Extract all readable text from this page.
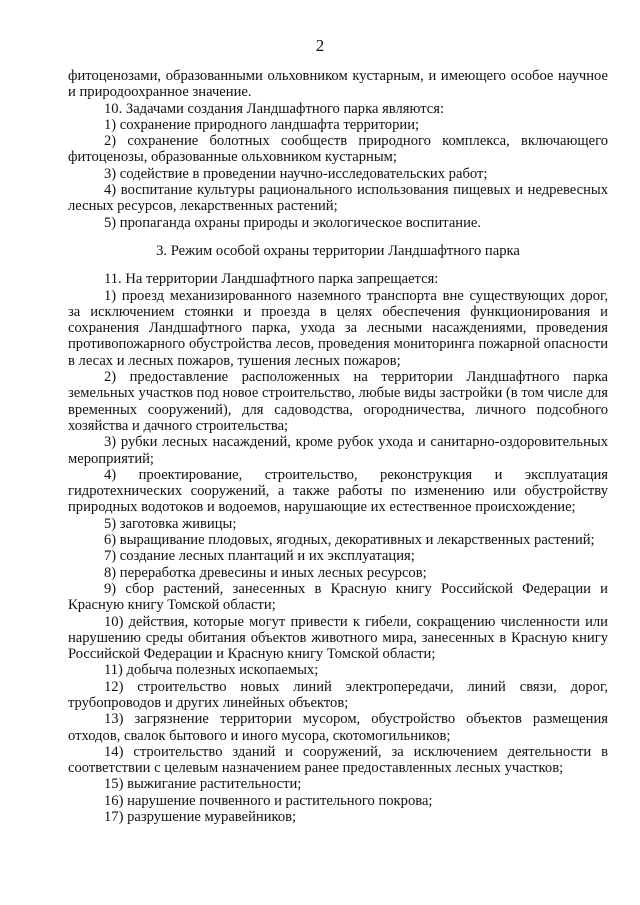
2

фитоценозами, образованными ольховником кустарным, и имеющего особое научное и природоохранное значение.

10. Задачами создания Ландшафтного парка являются:

1) сохранение природного ландшафта территории;

2) сохранение болотных сообществ природного комплекса, включающего фитоценозы, образованные ольховником кустарным;

3) содействие в проведении научно-исследовательских работ;

4) воспитание культуры рационального использования пищевых и недревесных лесных ресурсов, лекарственных растений;

5) пропаганда охраны природы и экологическое воспитание.

3. Режим особой охраны территории Ландшафтного парка

11. На территории Ландшафтного парка запрещается:

1) проезд механизированного наземного транспорта вне существующих дорог, за исключением стоянки и проезда в целях обеспечения функционирования и сохранения Ландшафтного парка, ухода за лесными насаждениями, проведения противопожарного обустройства лесов, проведения мониторинга пожарной опасности в лесах и лесных пожаров, тушения лесных пожаров;

2) предоставление расположенных на территории Ландшафтного парка земельных участков под новое строительство, любые виды застройки (в том числе для временных сооружений), для садоводства, огородничества, личного подсобного хозяйства и дачного строительства;

3) рубки лесных насаждений, кроме рубок ухода и санитарно-оздоровительных мероприятий;

4) проектирование, строительство, реконструкция и эксплуатация гидротехнических сооружений, а также работы по изменению или обустройству природных водотоков и водоемов, нарушающие их естественное происхождение;

5) заготовка живицы;

6) выращивание плодовых, ягодных, декоративных и лекарственных растений;

7) создание лесных плантаций и их эксплуатация;

8) переработка древесины и иных лесных ресурсов;

9) сбор растений, занесенных в Красную книгу Российской Федерации и Красную книгу Томской области;

10) действия, которые могут привести к гибели, сокращению численности или нарушению среды обитания объектов животного мира, занесенных в Красную книгу Российской Федерации и Красную книгу Томской области;

11) добыча полезных ископаемых;

12) строительство новых линий электропередачи, линий связи, дорог, трубопроводов и других линейных объектов;

13) загрязнение территории мусором, обустройство объектов размещения отходов, свалок бытового и иного мусора, скотомогильников;

14) строительство зданий и сооружений, за исключением деятельности в соответствии с целевым назначением ранее предоставленных лесных участков;

15) выжигание растительности;

16) нарушение почвенного и растительного покрова;

17) разрушение муравейников;
